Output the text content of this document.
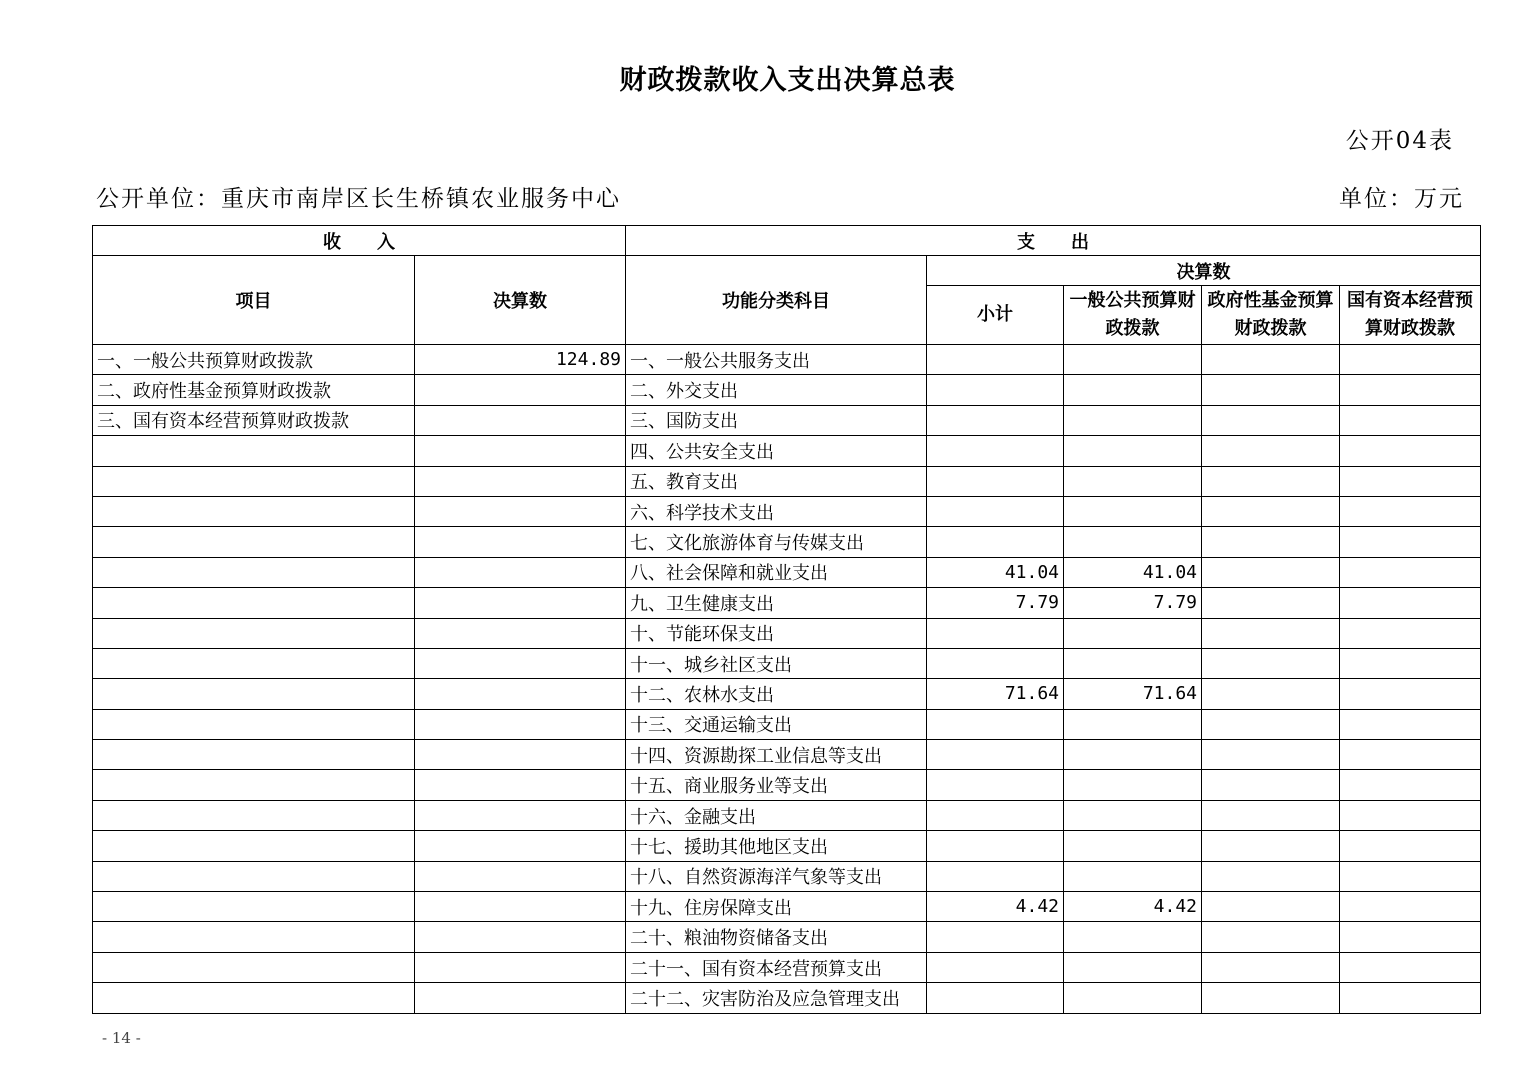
财政拨款收入支出决算总表
公开04表
公开单位：重庆市南岸区长生桥镇农业服务中心	单位：万元
收　　入		支　　出				
项目	决算数	功能分类科目	决算数			
			小计	一般公共预算财政拨款	政府性基金预算财政拨款	国有资本经营预算财政拨款
一、一般公共预算财政拨款	124.89	一、一般公共服务支出				
二、政府性基金预算财政拨款		二、外交支出				
三、国有资本经营预算财政拨款		三、国防支出				
		四、公共安全支出				
		五、教育支出				
		六、科学技术支出				
		七、文化旅游体育与传媒支出				
		八、社会保障和就业支出	41.04	41.04		
		九、卫生健康支出	7.79	7.79		
		十、节能环保支出				
		十一、城乡社区支出				
		十二、农林水支出	71.64	71.64		
		十三、交通运输支出				
		十四、资源勘探工业信息等支出				
		十五、商业服务业等支出				
		十六、金融支出				
		十七、援助其他地区支出				
		十八、自然资源海洋气象等支出				
		十九、住房保障支出	4.42	4.42		
		二十、粮油物资储备支出				
		二十一、国有资本经营预算支出				
		二十二、灾害防治及应急管理支出				
- 14 -
